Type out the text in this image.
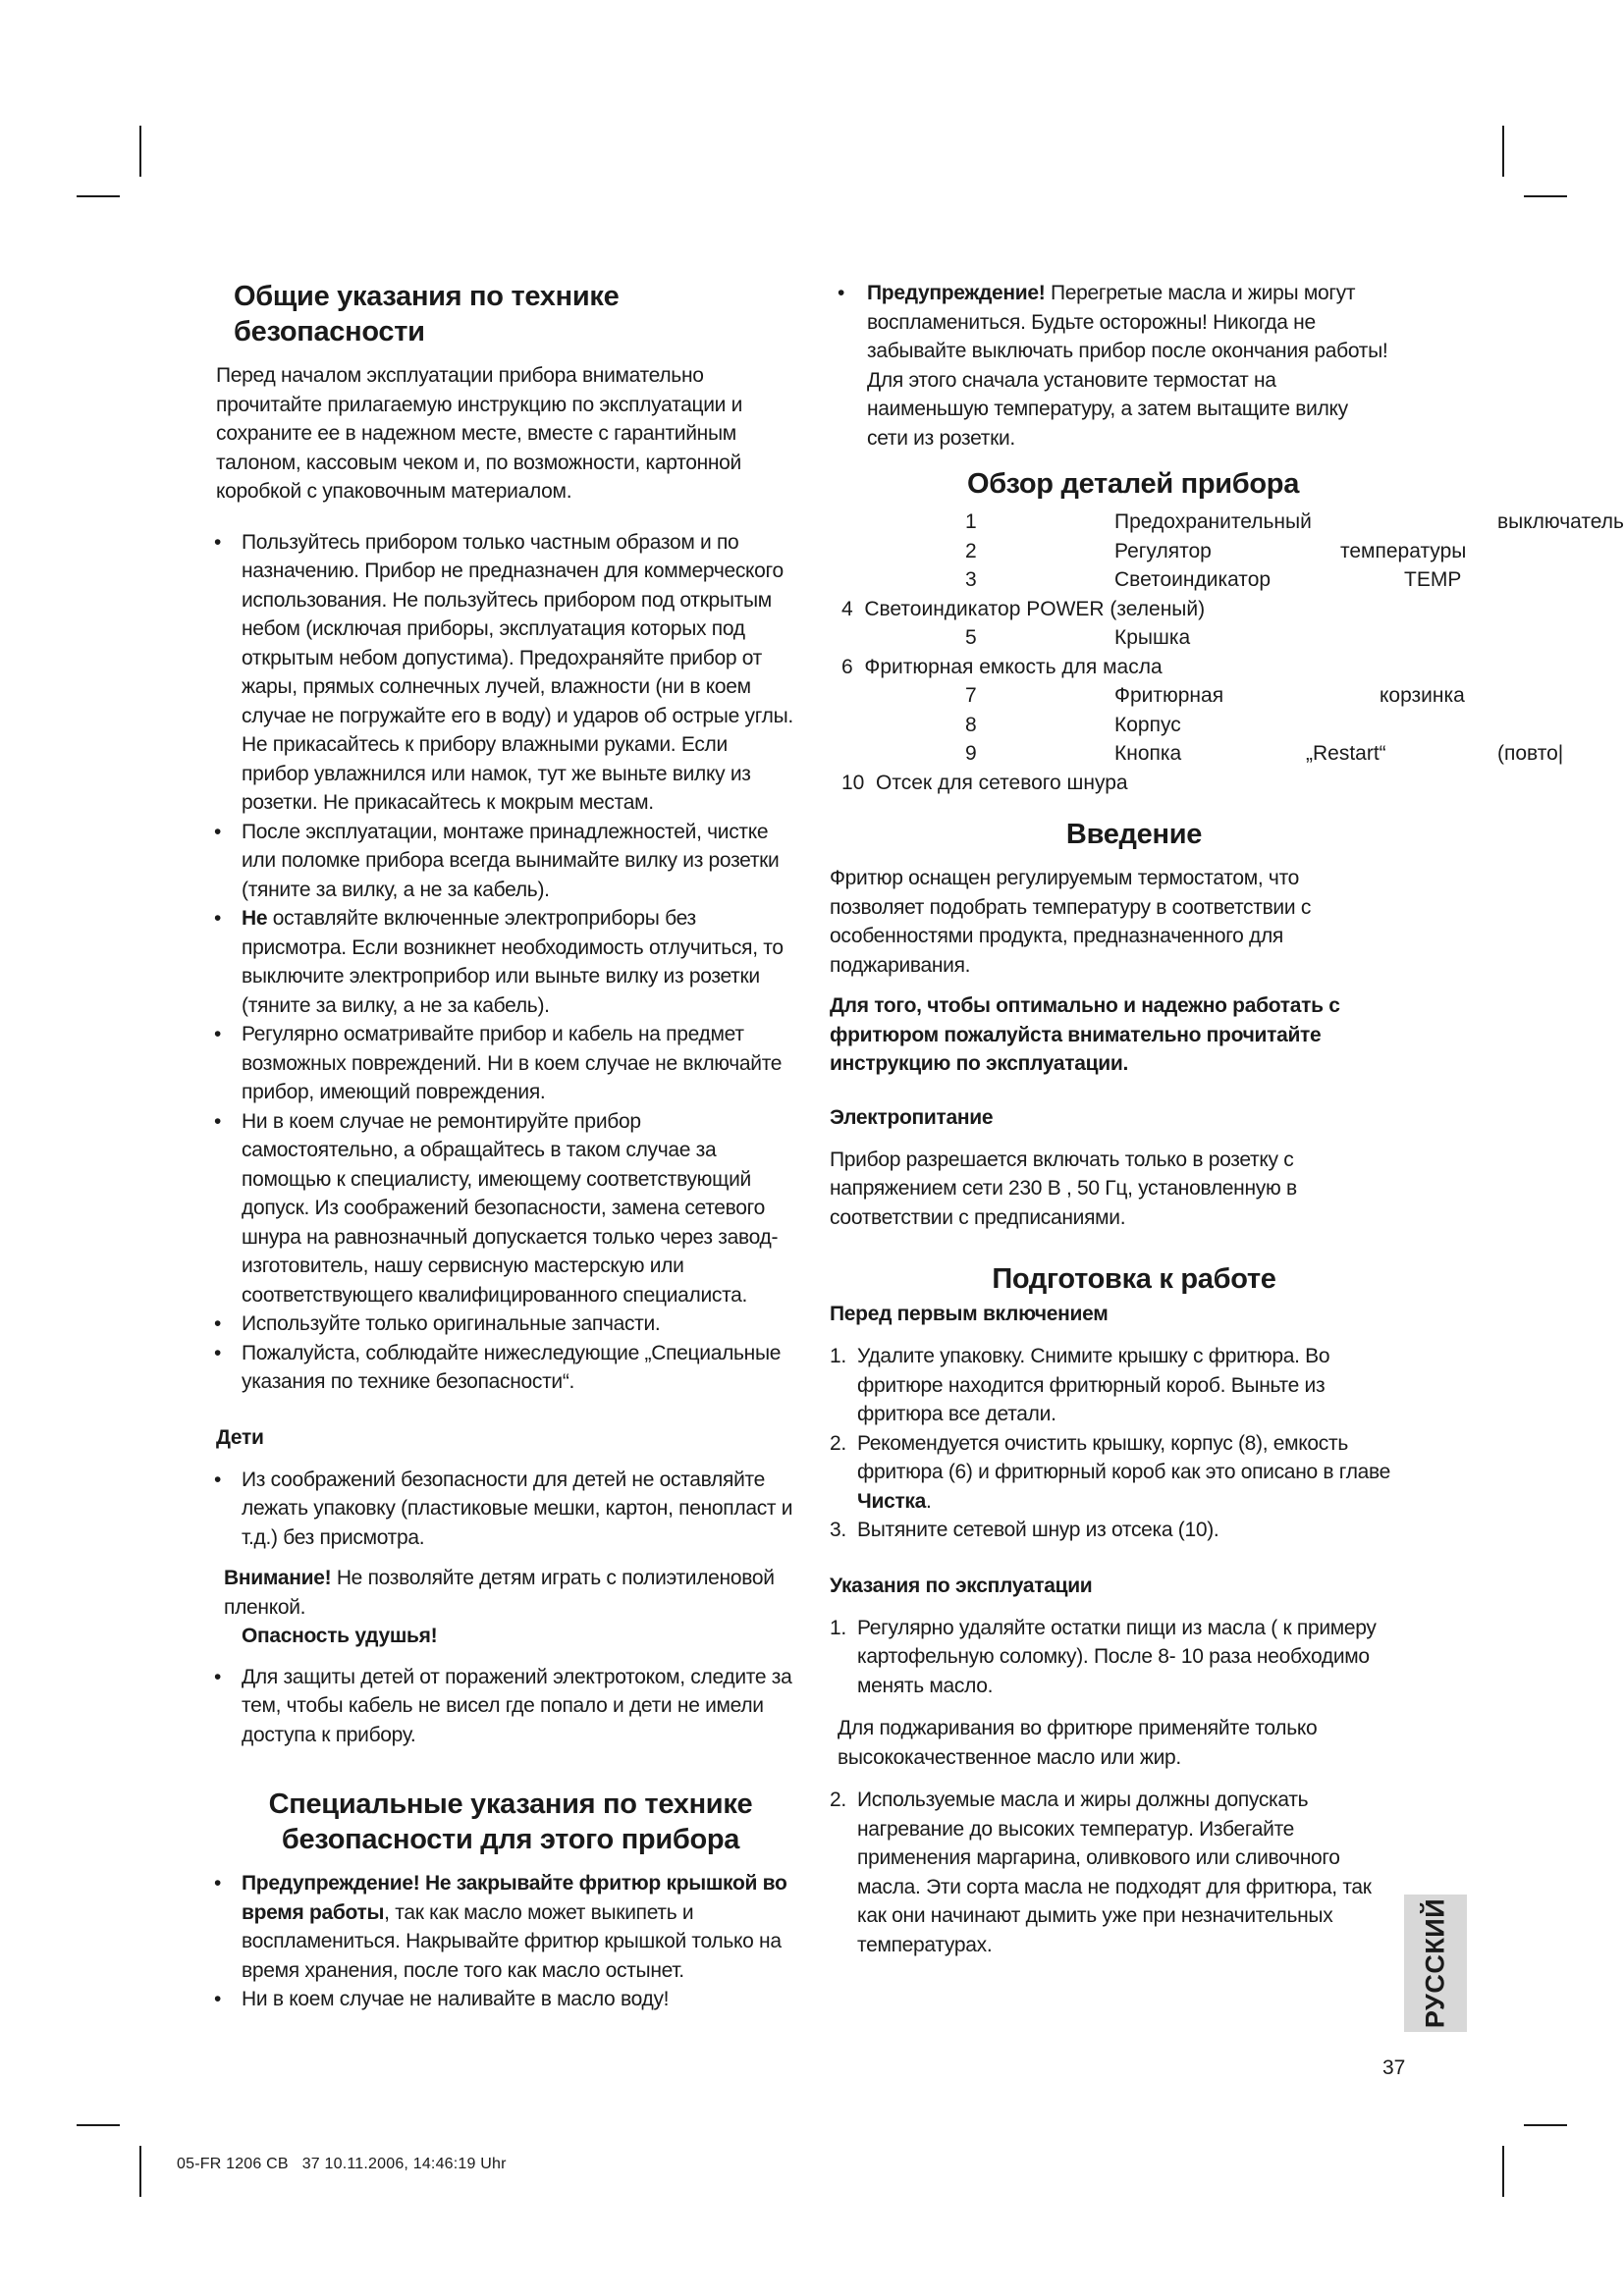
Общие указания по технике безопасности

Перед началом эксплуатации прибора внимательно прочитайте прилагаемую инструкцию по эксплуатации и сохраните ее в надежном месте, вместе с гарантийным талоном, кассовым чеком и, по возможности, картонной коробкой с упаковочным материалом.

• Пользуйтесь прибором только частным образом и по назначению. Прибор не предназначен для коммерческого использования. Не пользуйтесь прибором под открытым небом (исключая приборы, эксплуатация которых под открытым небом допустима). Предохраняйте прибор от жары, прямых солнечных лучей, влажности (ни в коем случае не погружайте его в воду) и ударов об острые углы. Не прикасайтесь к прибору влажными руками. Если прибор увлажнился или намок, тут же выньте вилку из розетки. Не прикасайтесь к мокрым местам.
• После эксплуатации, монтаже принадлежностей, чистке или поломке прибора всегда вынимайте вилку из розетки (тяните за вилку, а не за кабель).
• Не оставляйте включенные электроприборы без присмотра. Если возникнет необходимость отлучиться, то выключите электроприбор или выньте вилку из розетки (тяните за вилку, а не за кабель).
• Регулярно осматривайте прибор и кабель на предмет возможных повреждений. Ни в коем случае не включайте прибор, имеющий повреждения.
• Ни в коем случае не ремонтируйте прибор самостоятельно, а обращайтесь в таком случае за помощью к специалисту, имеющему соответствующий допуск. Из соображений безопасности, замена сетевого шнура на равнозначный допускается только через завод-изготовитель, нашу сервисную мастерскую или соответствующего квалифицированного специалиста.
• Используйте только оригинальные запчасти.
• Пожалуйста, соблюдайте нижеследующие „Специальные указания по технике безопасности“.
Дети
• Из соображений безопасности для детей не оставляйте лежать упаковку (пластиковые мешки, картон, пенопласт и т.д.) без присмотра.
Внимание! Не позволяйте детям играть с полиэтиленовой пленкой.
Опасность удушья!
• Для защиты детей от поражений электротоком, следите за тем, чтобы кабель не висел где попало и дети не имели доступа к прибору.
Специальные указания по технике
безопасности для этого прибора
• Предупреждение! Не закрывайте фритюр крышкой во время работы, так как масло может выкипеть и воспламениться. Накрывайте фритюр крышкой только на время хранения, после того как масло остынет.
• Ни в коем случае не наливайте в масло воду!
• Предупреждение! Перегретые масла и жиры могут воспламениться. Будьте осторожны! Никогда не забывайте выключать прибор после окончания работы! Для этого сначала установите термостат на наименьшую температуру, а затем вытащите вилку сети из розетки.
Обзор деталей прибора
1	Предохранительный	выключатель
2	Регулятор	температуры
3	Светоиндикатор	TEMP
4  Светоиндикатор POWER (зеленый)
5	Крышка
6  Фритюрная емкость для масла
7	Фритюрная	корзинка
8	Корпус
9	Кнопка	„Restart“	(повто|
10  Отсек для сетевого шнура
Введение

Фритюр оснащен регулируемым термостатом, что позволяет подобрать температуру в соответствии с особенностями продукта, предназначенного для поджаривания.

Для того, чтобы оптимально и надежно работать с фритюром пожалуйста внимательно прочитайте инструкцию по эксплуатации.

Электропитание

Прибор разрешается включать только в розетку с напряжением сети 230 В , 50 Гц, установленную в соответствии с предписаниями.

Подготовка к работе
Перед первым включением
1. Удалите упаковку. Снимите крышку с фритюра. Во фритюре находится фритюрный короб. Выньте из фритюра все детали.
2. Рекомендуется очистить крышку, корпус (8), емкость фритюра (6) и фритюрный короб как это описано в главе Чистка.
3. Вытяните сетевой шнур из отсека (10).
Указания по эксплуатации
1. Регулярно удаляйте остатки пищи из масла ( к примеру картофельную соломку). После 8- 10 раза необходимо менять масло.

Для поджаривания во фритюре применяйте только высококачественное масло или жир.

2. Используемые масла и жиры должны допускать нагревание до высоких температур. Избегайте применения маргарина, оливкового или сливочного масла. Эти сорта масла не подходят для фритюра, так как они начинают дымить уже при незначительных температурах.	РУССКИЙ
37
05-FR 1206 CB   37 10.11.2006, 14:46:19 Uhr
